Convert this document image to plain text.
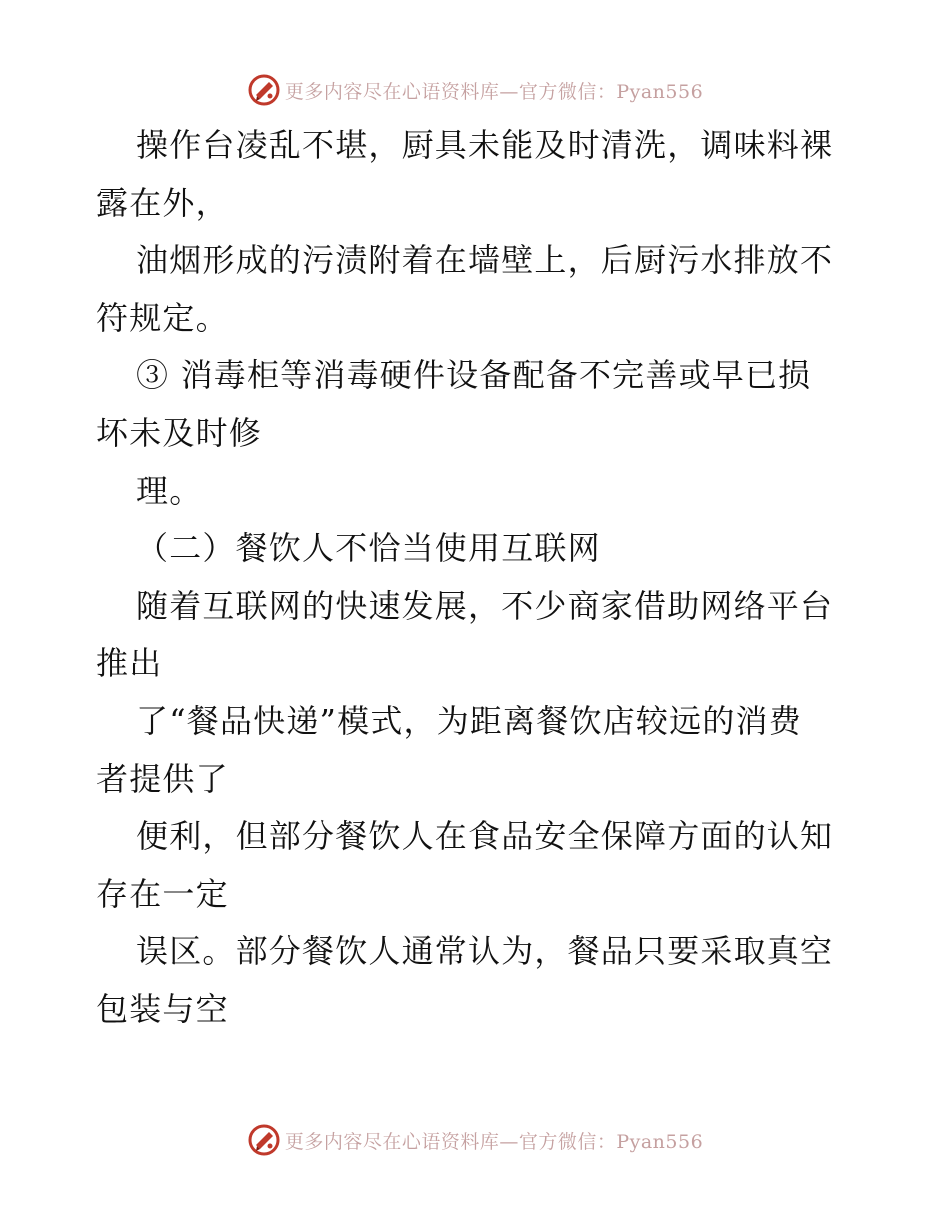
更多内容尽在心语资料库—官方微信：Pyan556
操作台凌乱不堪，厨具未能及时清洗，调味料裸
露在外，
油烟形成的污渍附着在墙壁上，后厨污水排放不
符规定。
③ 消毒柜等消毒硬件设备配备不完善或早已损
坏未及时修
理。
（二）餐饮人不恰当使用互联网
随着互联网的快速发展，不少商家借助网络平台
推出
了“餐品快递”模式，为距离餐饮店较远的消费
者提供了
便利，但部分餐饮人在食品安全保障方面的认知
存在一定
误区。部分餐饮人通常认为，餐品只要采取真空
包装与空
更多内容尽在心语资料库—官方微信：Pyan556
